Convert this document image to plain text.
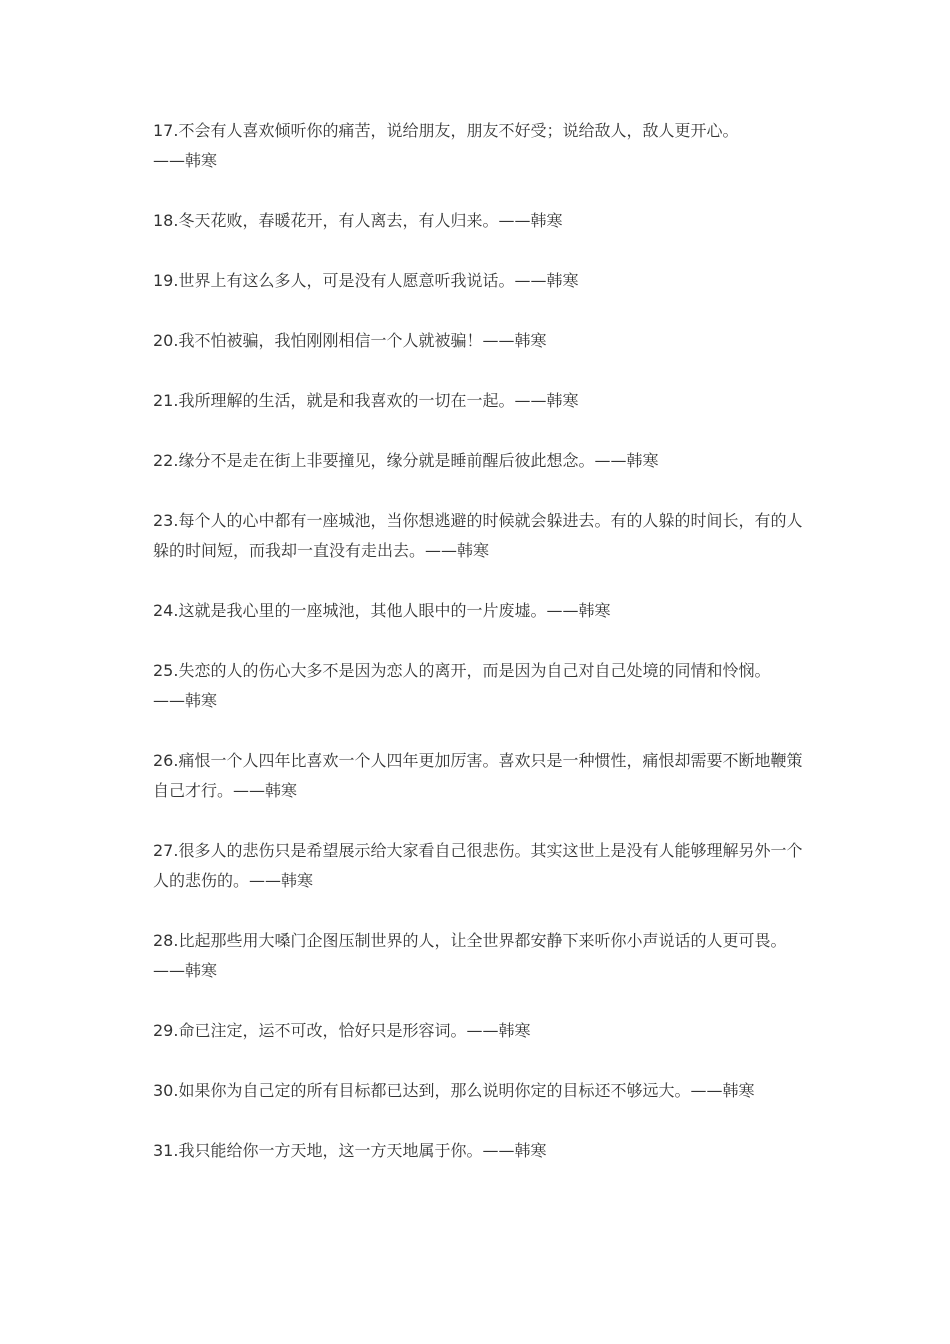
17.不会有人喜欢倾听你的痛苦，说给朋友，朋友不好受；说给敌人，敌人更开心。
——韩寒
18.冬天花败，春暖花开，有人离去，有人归来。——韩寒
19.世界上有这么多人，可是没有人愿意听我说话。——韩寒
20.我不怕被骗，我怕刚刚相信一个人就被骗！——韩寒
21.我所理解的生活，就是和我喜欢的一切在一起。——韩寒
22.缘分不是走在街上非要撞见，缘分就是睡前醒后彼此想念。——韩寒
23.每个人的心中都有一座城池，当你想逃避的时候就会躲进去。有的人躲的时间长，有的人躲的时间短，而我却一直没有走出去。——韩寒
24.这就是我心里的一座城池，其他人眼中的一片废墟。——韩寒
25.失恋的人的伤心大多不是因为恋人的离开，而是因为自己对自己处境的同情和怜悯。
——韩寒
26.痛恨一个人四年比喜欢一个人四年更加厉害。喜欢只是一种惯性，痛恨却需要不断地鞭策自己才行。——韩寒
27.很多人的悲伤只是希望展示给大家看自己很悲伤。其实这世上是没有人能够理解另外一个人的悲伤的。——韩寒
28.比起那些用大嗓门企图压制世界的人，让全世界都安静下来听你小声说话的人更可畏。
——韩寒
29.命已注定，运不可改，恰好只是形容词。——韩寒
30.如果你为自己定的所有目标都已达到，那么说明你定的目标还不够远大。——韩寒
31.我只能给你一方天地，这一方天地属于你。——韩寒
